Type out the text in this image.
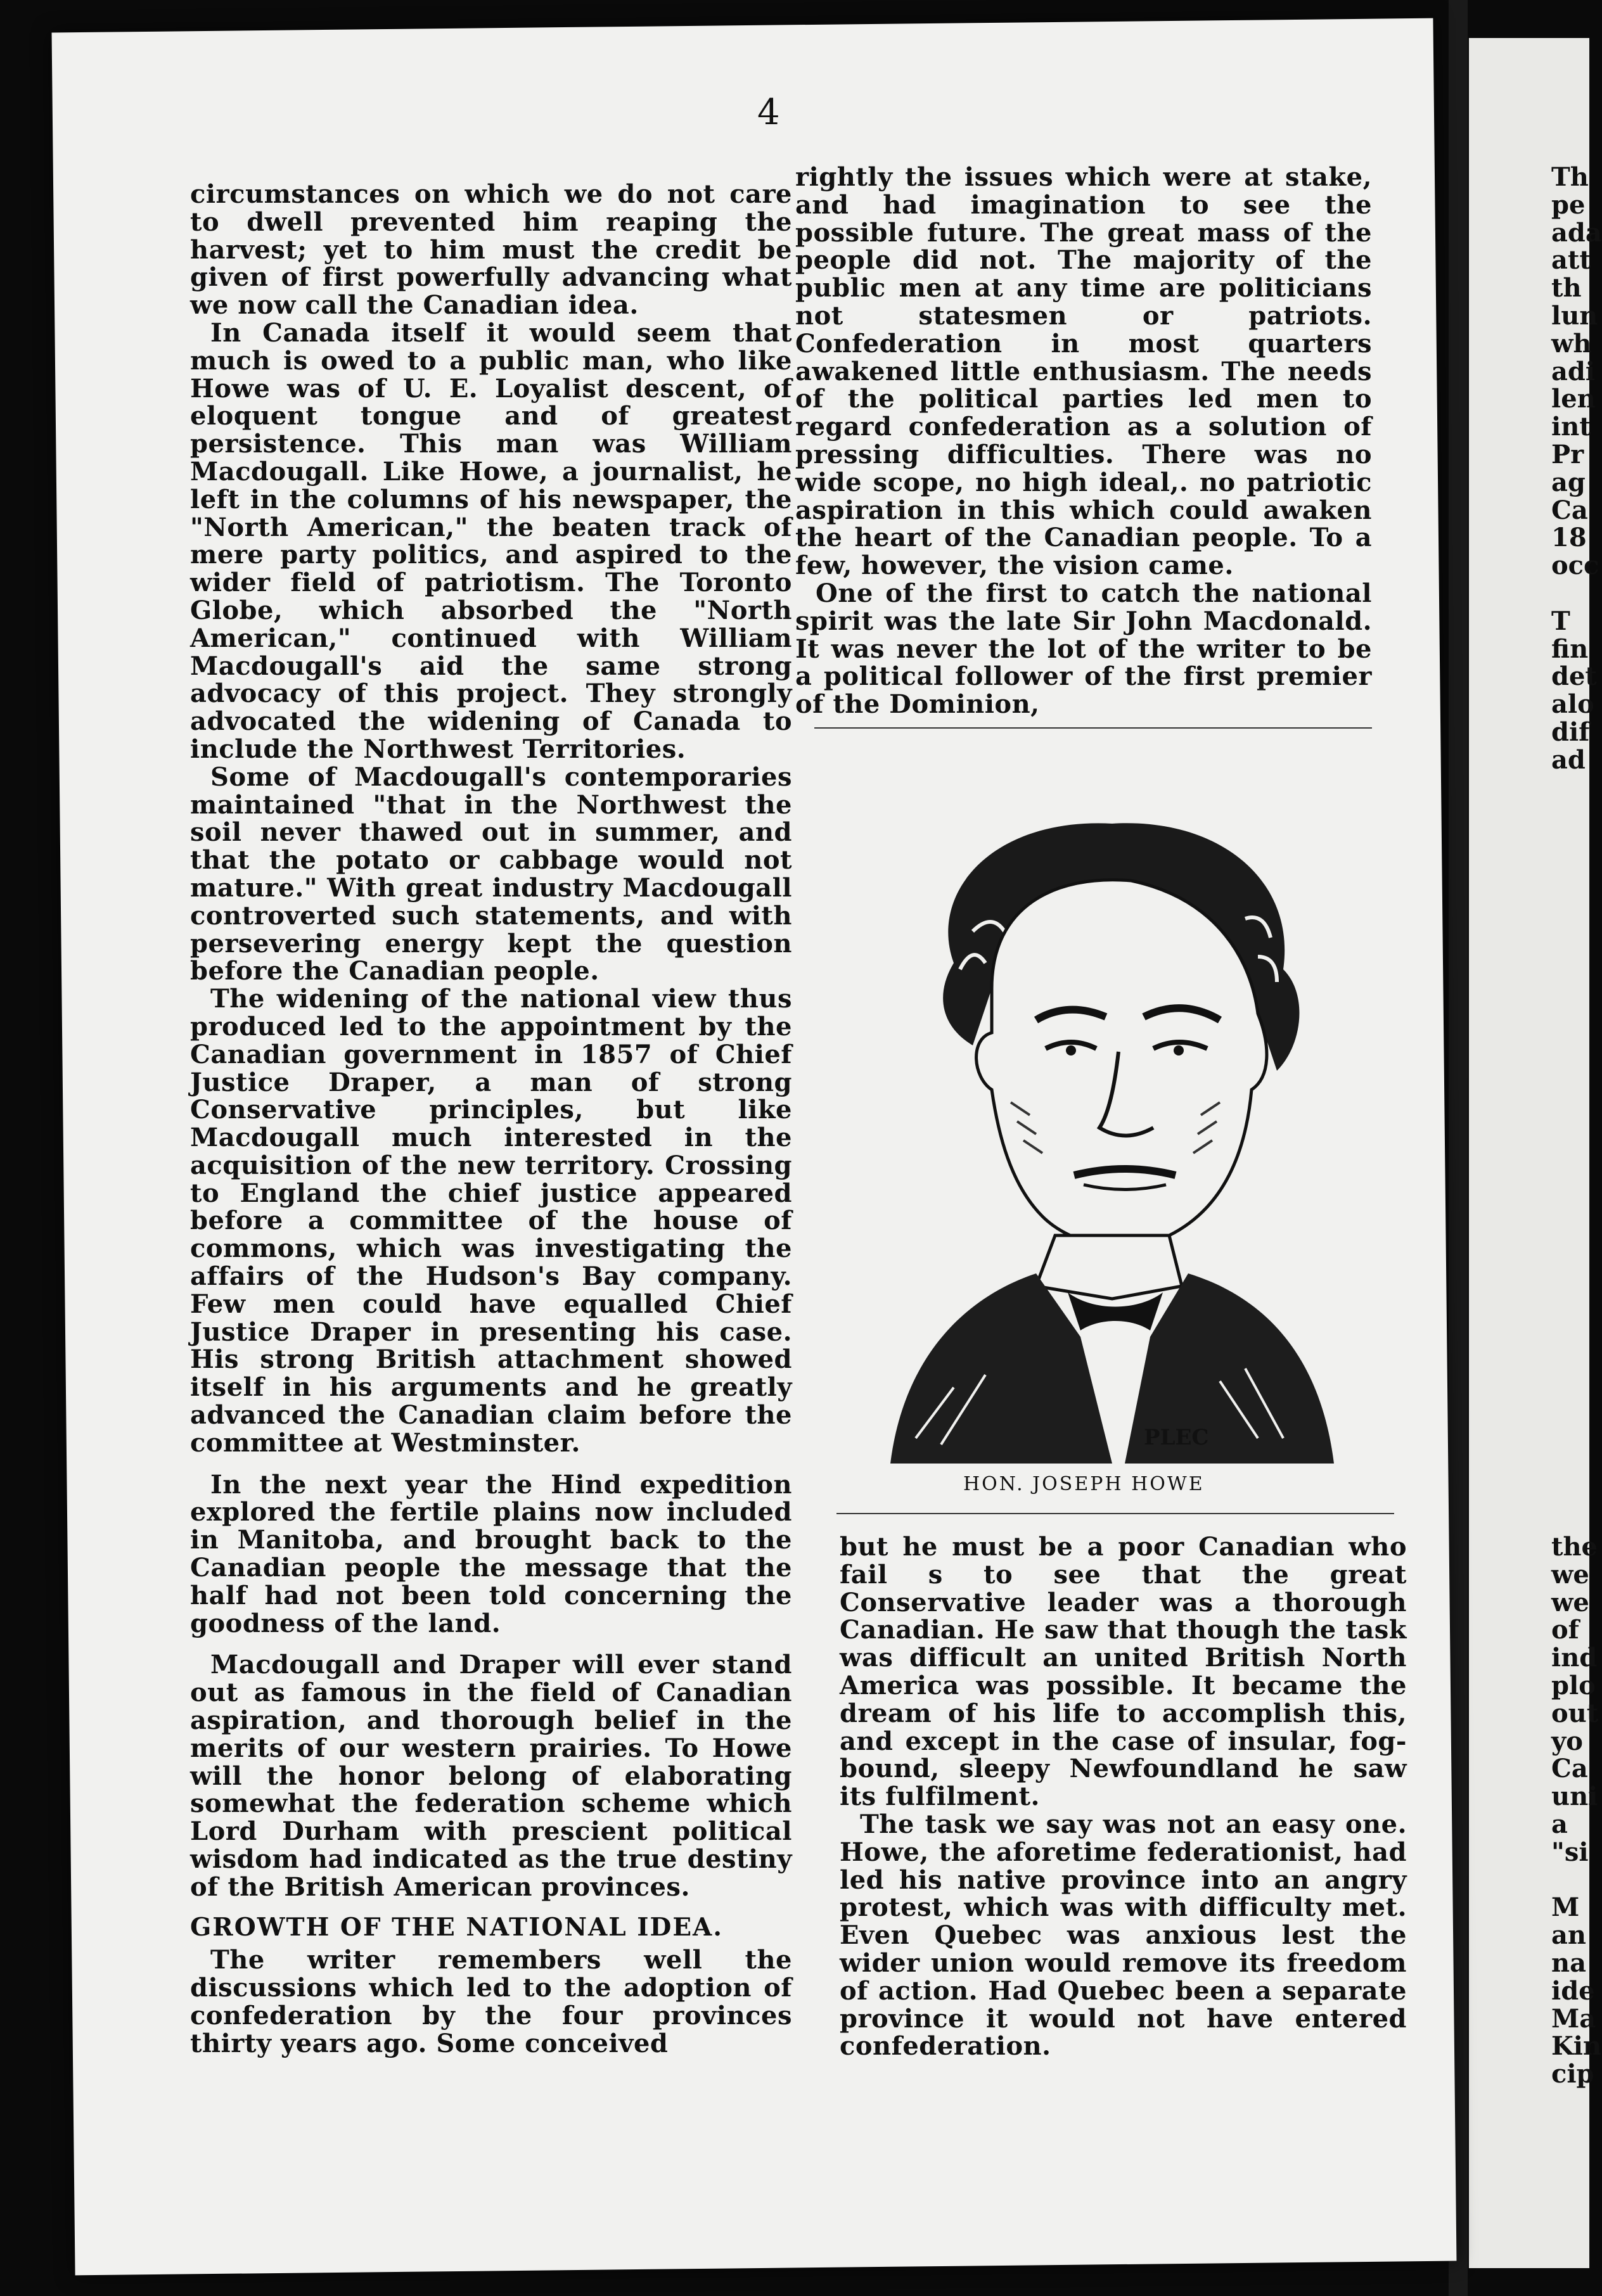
Th
pe
ada
att
th
lun
wh
adi
len
int
Pr
ag
Ca
18
occ
T
fin
det
alo
dif
ad
the
we
we
of
ind
plo
out
yo
Ca
uni
a
"si
M
an
na
ide
Ma
Kin
cip
4

circumstances on which we do not care to dwell prevented him reaping the harvest; yet to him must the credit be given of first powerfully advancing what we now call the Canadian idea.

In Canada itself it would seem that much is owed to a public man, who like Howe was of U. E. Loyalist descent, of eloquent tongue and of greatest persistence. This man was William Macdougall. Like Howe, a journalist, he left in the columns of his newspaper, the "North American," the beaten track of mere party politics, and aspired to the wider field of patriotism. The Toronto Globe, which absorbed the "North American," continued with William Macdougall's aid the same strong advocacy of this project. They strongly advocated the widening of Canada to include the Northwest Territories.

Some of Macdougall's contemporaries maintained "that in the Northwest the soil never thawed out in summer, and that the potato or cabbage would not mature." With great industry Macdougall controverted such statements, and with persevering energy kept the question before the Canadian people.

The widening of the national view thus produced led to the appointment by the Canadian government in 1857 of Chief Justice Draper, a man of strong Conservative principles, but like Macdougall much interested in the acquisition of the new territory. Crossing to England the chief justice appeared before a committee of the house of commons, which was investigating the affairs of the Hudson's Bay company. Few men could have equalled Chief Justice Draper in presenting his case. His strong British attachment showed itself in his arguments and he greatly advanced the Canadian claim before the committee at Westminster.

In the next year the Hind expedition explored the fertile plains now included in Manitoba, and brought back to the Canadian people the message that the half had not been told concerning the goodness of the land.

Macdougall and Draper will ever stand out as famous in the field of Canadian aspiration, and thorough belief in the merits of our western prairies. To Howe will the honor belong of elaborating somewhat the federation scheme which Lord Durham with prescient political wisdom had indicated as the true destiny of the British American provinces.

GROWTH OF THE NATIONAL IDEA.

The writer remembers well the discussions which led to the adoption of confederation by the four provinces thirty years ago. Some conceived

rightly the issues which were at stake, and had imagination to see the possible future. The great mass of the people did not. The majority of the public men at any time are politicians not statesmen or patriots. Confederation in most quarters awakened little enthusiasm. The needs of the political parties led men to regard confederation as a solution of pressing difficulties. There was no wide scope, no high ideal,. no patriotic aspiration in this which could awaken the heart of the Canadian people. To a few, however, the vision came.

One of the first to catch the national spirit was the late Sir John Macdonald. It was never the lot of the writer to be a political follower of the first premier of the Dominion,

PLEC
HON. JOSEPH HOWE

but he must be a poor Canadian who fail s to see that the great Conservative leader was a thorough Canadian. He saw that though the task was difficult an united British North America was possible. It became the dream of his life to accomplish this, and except in the case of insular, fog-bound, sleepy Newfoundland he saw its fulfilment.

The task we say was not an easy one. Howe, the aforetime federationist, had led his native province into an angry protest, which was with difficulty met. Even Quebec was anxious lest the wider union would remove its freedom of action. Had Quebec been a separate province it would not have entered confederation.
